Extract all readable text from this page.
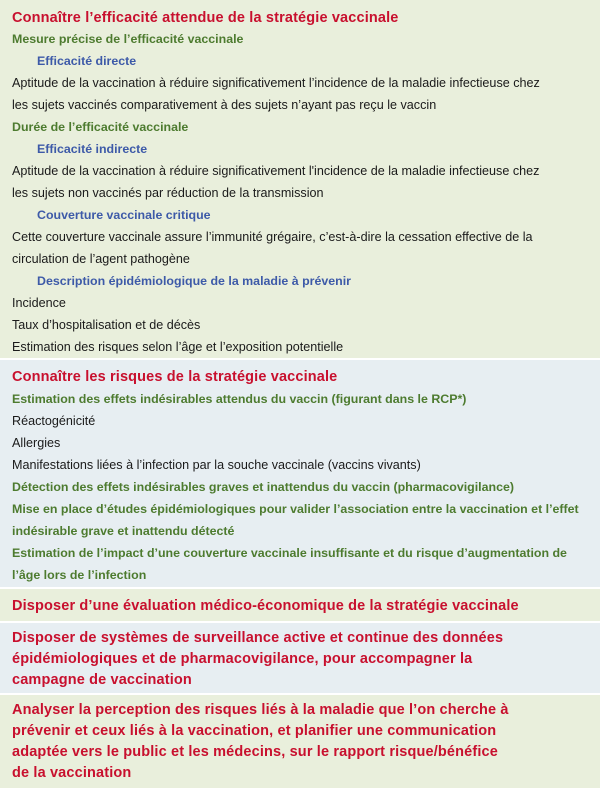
Connaître l’efficacité attendue de la stratégie vaccinale
Mesure précise de l’efficacité vaccinale
Efficacité directe
Aptitude de la vaccination à réduire significativement l’incidence de la maladie infectieuse chez
les sujets vaccinés comparativement à des sujets n’ayant pas reçu le vaccin
Durée de l’efficacité vaccinale
Efficacité indirecte
Aptitude de la vaccination à réduire significativement l'incidence de la maladie infectieuse chez
les sujets non vaccinés par réduction de la transmission
Couverture vaccinale critique
Cette couverture vaccinale assure l’immunité grégaire, c’est-à-dire la cessation effective de la
circulation de l’agent pathogène
Description épidémiologique de la maladie à prévenir
Incidence
Taux d’hospitalisation et de décès
Estimation des risques selon l’âge et l’exposition potentielle
Connaître les risques de la stratégie vaccinale
Estimation des effets indésirables attendus du vaccin (figurant dans le RCP*)
Réactogénicité
Allergies
Manifestations liées à l’infection par la souche vaccinale (vaccins vivants)
Détection des effets indésirables graves et inattendus du vaccin (pharmacovigilance)
Mise en place d’études épidémiologiques pour valider l’association entre la vaccination et l’effet
indésirable grave et inattendu détecté
Estimation de l’impact d’une couverture vaccinale insuffisante et du risque d’augmentation de
l’âge lors de l’infection
Disposer d’une évaluation médico-économique de la stratégie vaccinale
Disposer de systèmes de surveillance active et continue des données
épidémiologiques et de pharmacovigilance, pour accompagner la
campagne de vaccination
Analyser la perception des risques liés à la maladie que l’on cherche à
prévenir et ceux liés à la vaccination, et planifier une communication
adaptée vers le public et les médecins, sur le rapport risque/bénéfice
de la vaccination
